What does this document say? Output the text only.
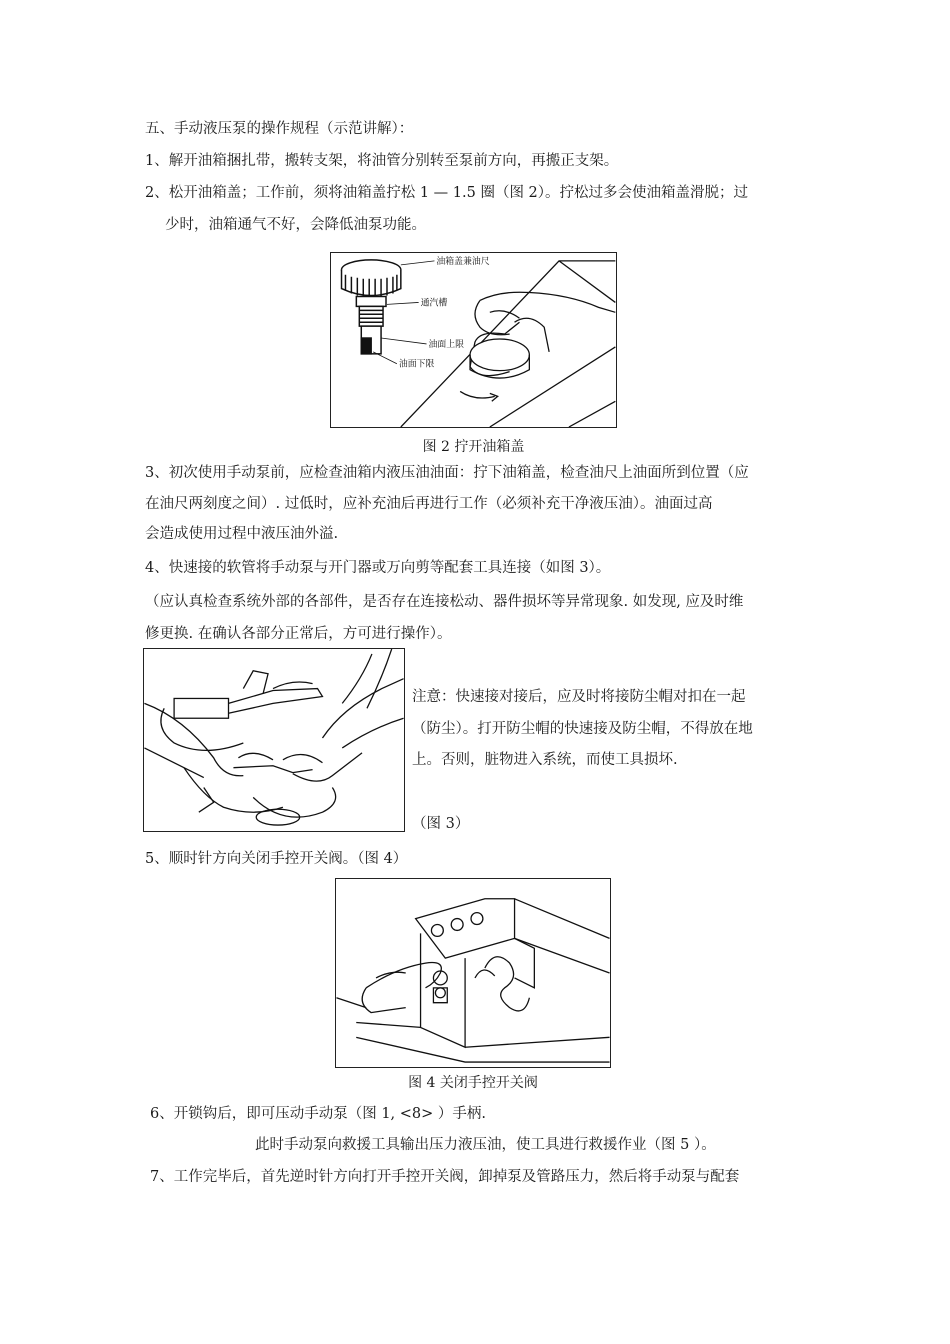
五、手动液压泵的操作规程（示范讲解）：
1、解开油箱捆扎带，搬转支架，将油管分别转至泵前方向，再搬正支架。
2、松开油箱盖；工作前，须将油箱盖拧松 1 — 1.5 圈（图 2）。拧松过多会使油箱盖滑脱；过
少时，油箱通气不好，会降低油泵功能。
油箱盖兼油尺
通汽槽
油面上限
油面下限
图 2 拧开油箱盖
3、初次使用手动泵前，应检查油箱内液压油油面：拧下油箱盖，检查油尺上油面所到位置（应
在油尺两刻度之间）. 过低时，应补充油后再进行工作（必须补充干净液压油）。油面过高
会造成使用过程中液压油外溢.
4、快速接的软管将手动泵与开门器或万向剪等配套工具连接（如图 3）。
（应认真检查系统外部的各部件，是否存在连接松动、器件损坏等异常现象. 如发现, 应及时维
修更换. 在确认各部分正常后，方可进行操作）。
注意：快速接对接后，应及时将接防尘帽对扣在一起
（防尘）。打开防尘帽的快速接及防尘帽，不得放在地
上。否则，脏物进入系统，而使工具损坏.
（图 3）
5、顺时针方向关闭手控开关阀。（图 4）
图 4 关闭手控开关阀
6、开锁钩后，即可压动手动泵（图 1, <8> ）手柄.
此时手动泵向救援工具输出压力液压油，使工具进行救援作业（图 5 ）。
7、工作完毕后，首先逆时针方向打开手控开关阀，卸掉泵及管路压力，然后将手动泵与配套
